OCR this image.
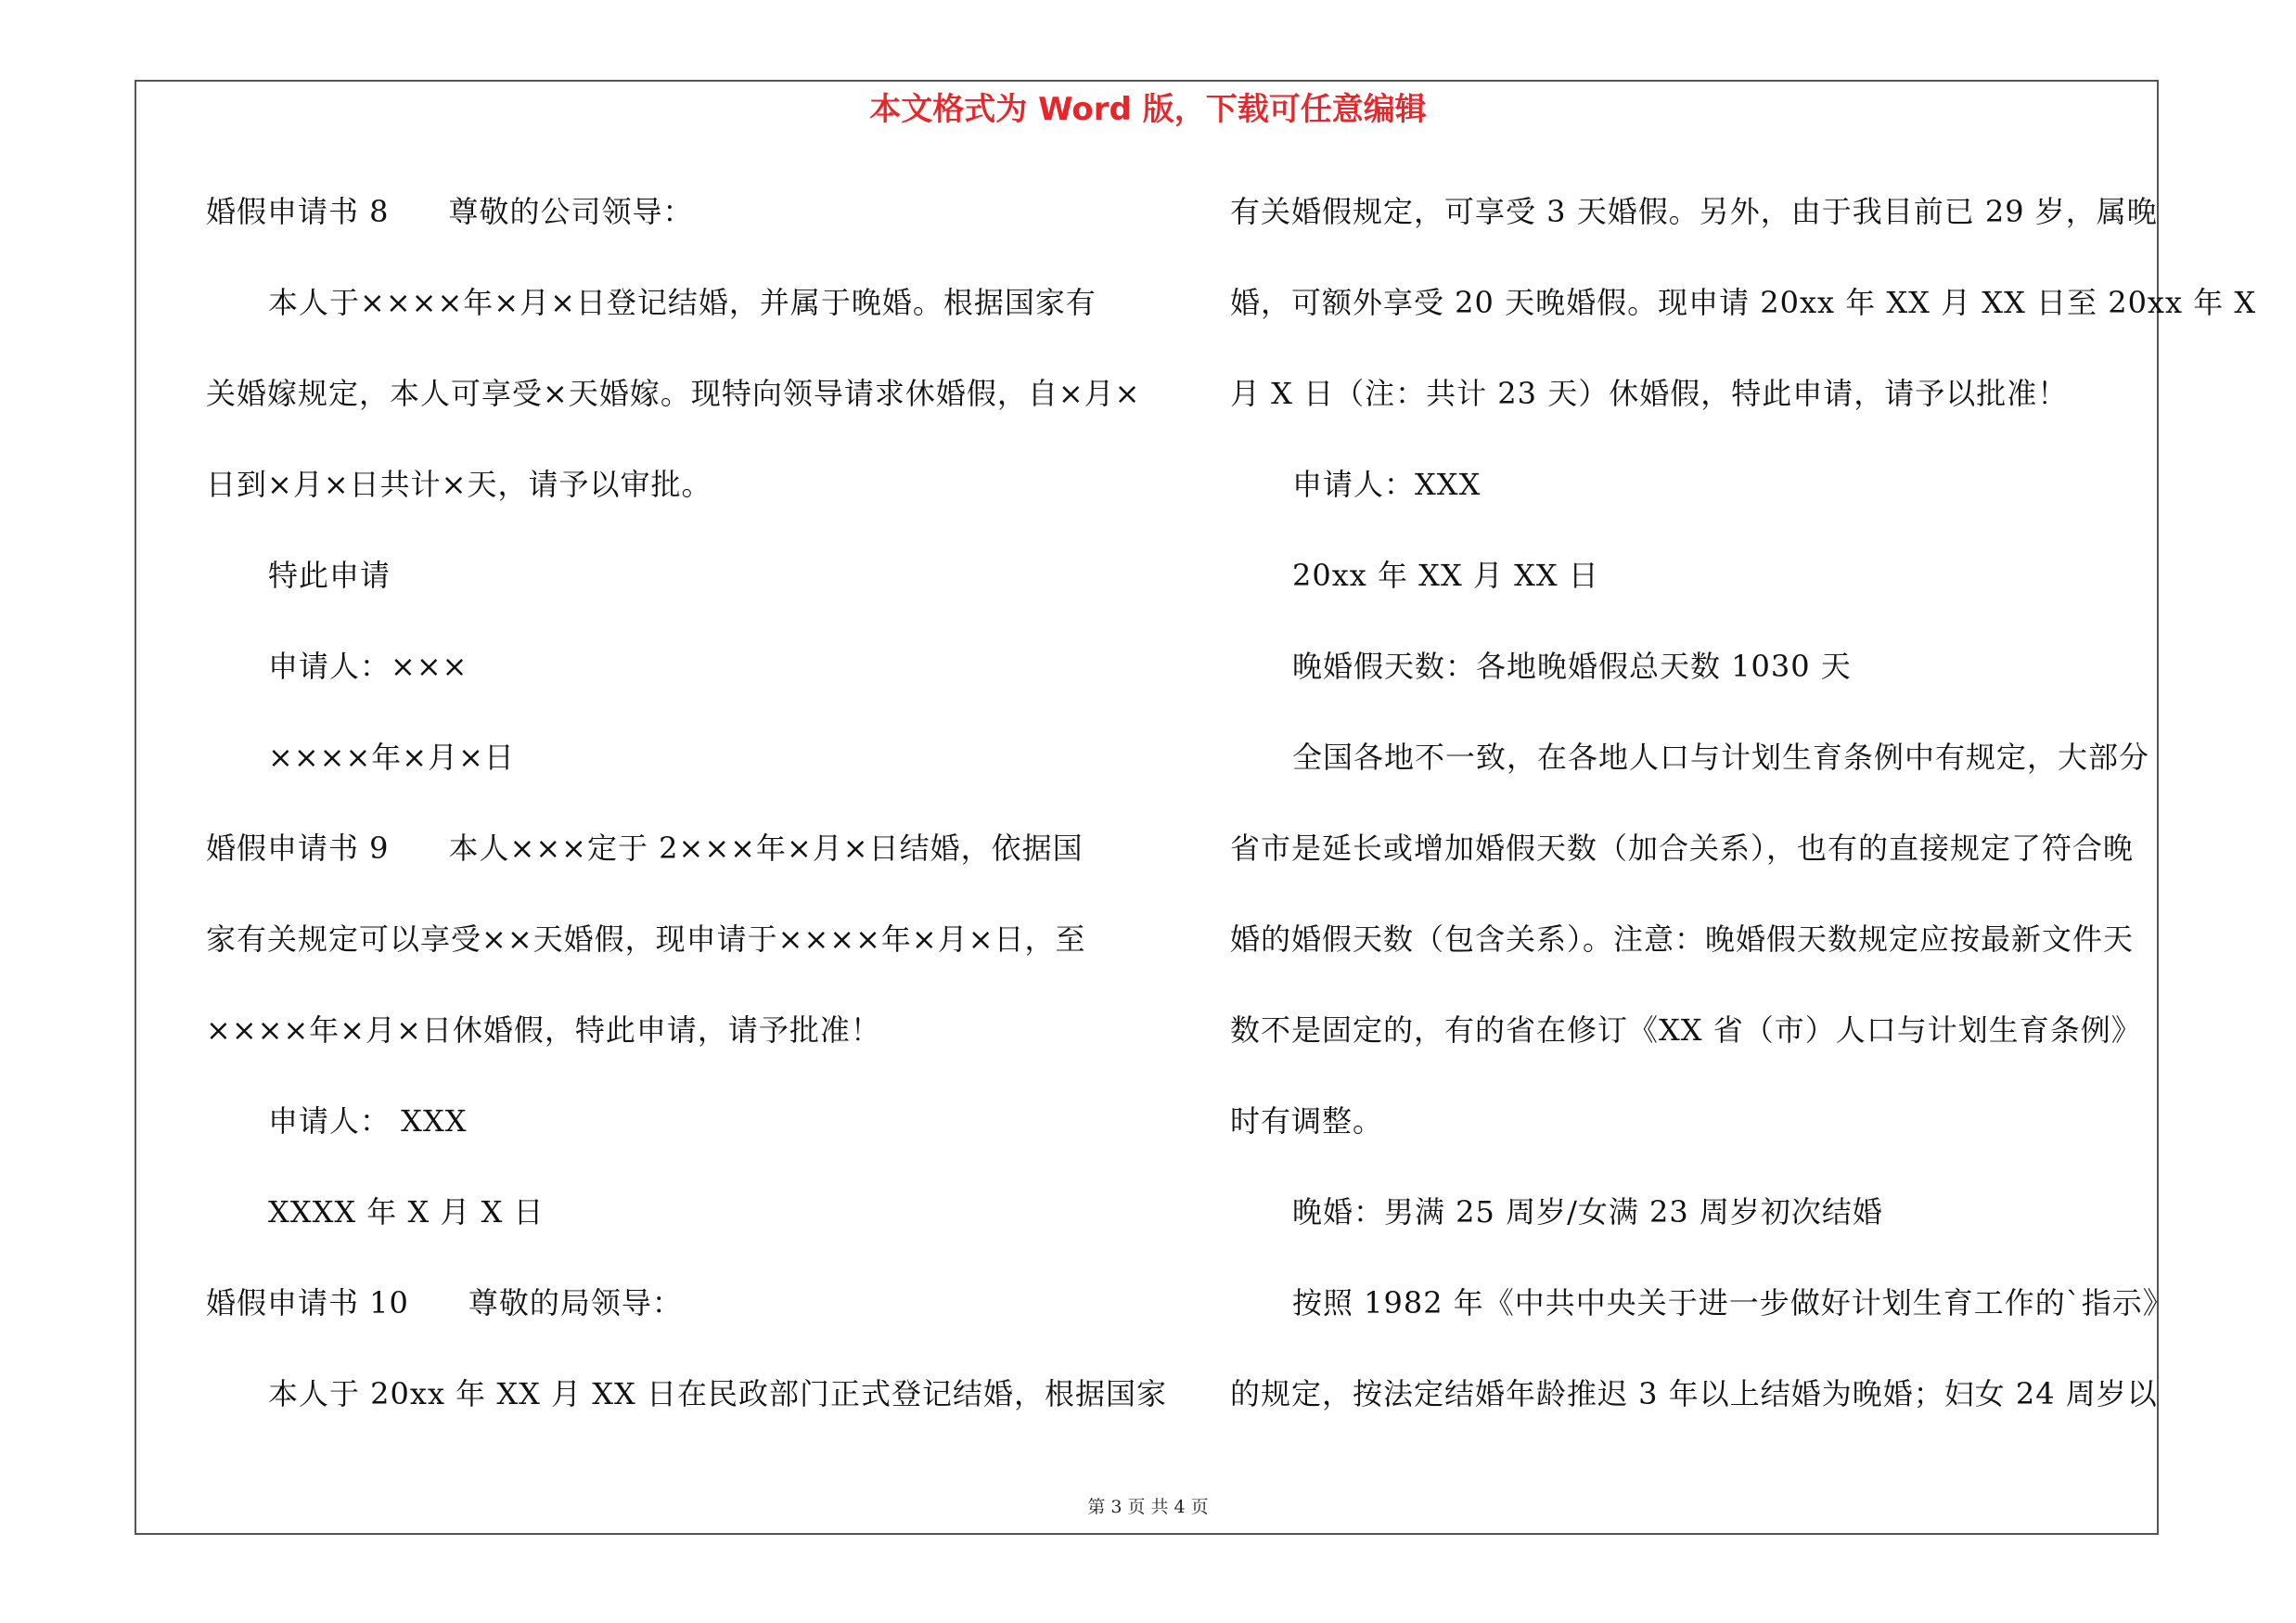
本文格式为 Word 版，下载可任意编辑
婚假申请书 8 尊敬的公司领导：
本人于××××年×月×日登记结婚，并属于晚婚。根据国家有
关婚嫁规定，本人可享受×天婚嫁。现特向领导请求休婚假，自×月×
日到×月×日共计×天，请予以审批。
特此申请
申请人：×××
××××年×月×日
婚假申请书 9 本人×××定于 2×××年×月×日结婚，依据国
家有关规定可以享受××天婚假，现申请于××××年×月×日，至
××××年×月×日休婚假，特此申请，请予批准！
申请人： XXX
XXXX 年 X 月 X 日
婚假申请书 10 尊敬的局领导：
本人于 20xx 年 XX 月 XX 日在民政部门正式登记结婚，根据国家
有关婚假规定，可享受 3 天婚假。另外，由于我目前已 29 岁，属晚
婚，可额外享受 20 天晚婚假。现申请 20xx 年 XX 月 XX 日至 20xx 年 X
月 X 日（注：共计 23 天）休婚假，特此申请，请予以批准！
申请人：XXX
20xx 年 XX 月 XX 日
晚婚假天数：各地晚婚假总天数 1030 天
全国各地不一致，在各地人口与计划生育条例中有规定，大部分
省市是延长或增加婚假天数（加合关系），也有的直接规定了符合晚
婚的婚假天数（包含关系）。注意：晚婚假天数规定应按最新文件天
数不是固定的，有的省在修订《XX 省（市）人口与计划生育条例》
时有调整。
晚婚：男满 25 周岁/女满 23 周岁初次结婚
按照 1982 年《中共中央关于进一步做好计划生育工作的`指示》
的规定，按法定结婚年龄推迟 3 年以上结婚为晚婚；妇女 24 周岁以
第 3 页 共 4 页
